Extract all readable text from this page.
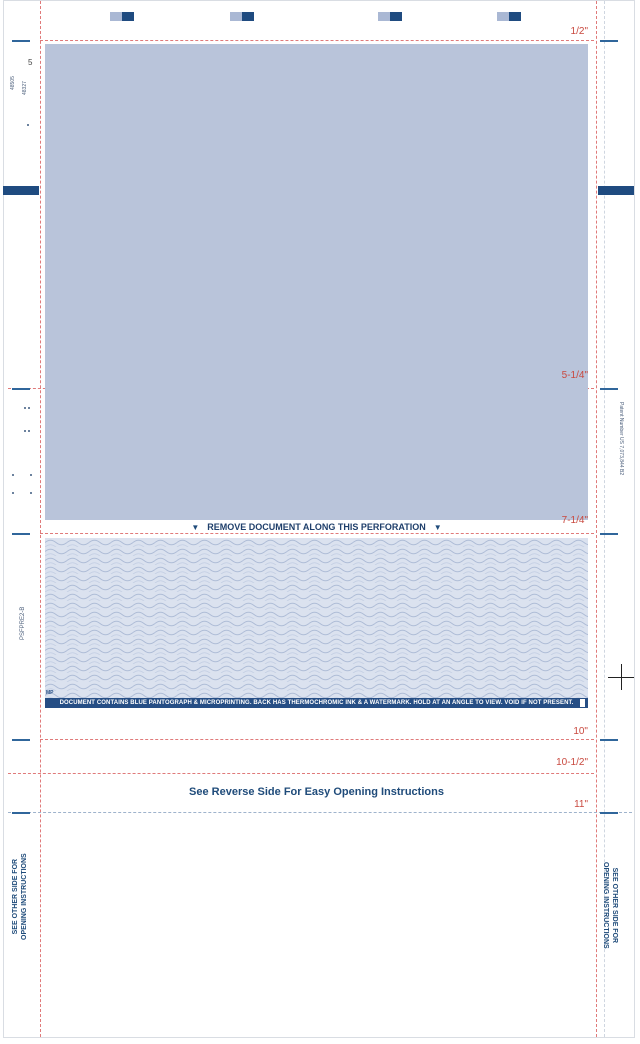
1/2"
5-1/4"
7-1/4"
10"
10-1/2"
11"
▼ REMOVE DOCUMENT ALONG THIS PERFORATION ▼
MP
DOCUMENT CONTAINS BLUE PANTOGRAPH & MICROPRINTING. BACK HAS THERMOCHROMIC INK & A WATERMARK. HOLD AT AN ANGLE TO VIEW. VOID IF NOT PRESENT.
See Reverse Side For Easy Opening Instructions
5
48505 48327
PSFPRE2-B
Patent Number US 7,073,844 B2
SEE OTHER SIDE FOR
OPENING INSTRUCTIONS	SEE OTHER SIDE FOR
OPENING INSTRUCTIONS
